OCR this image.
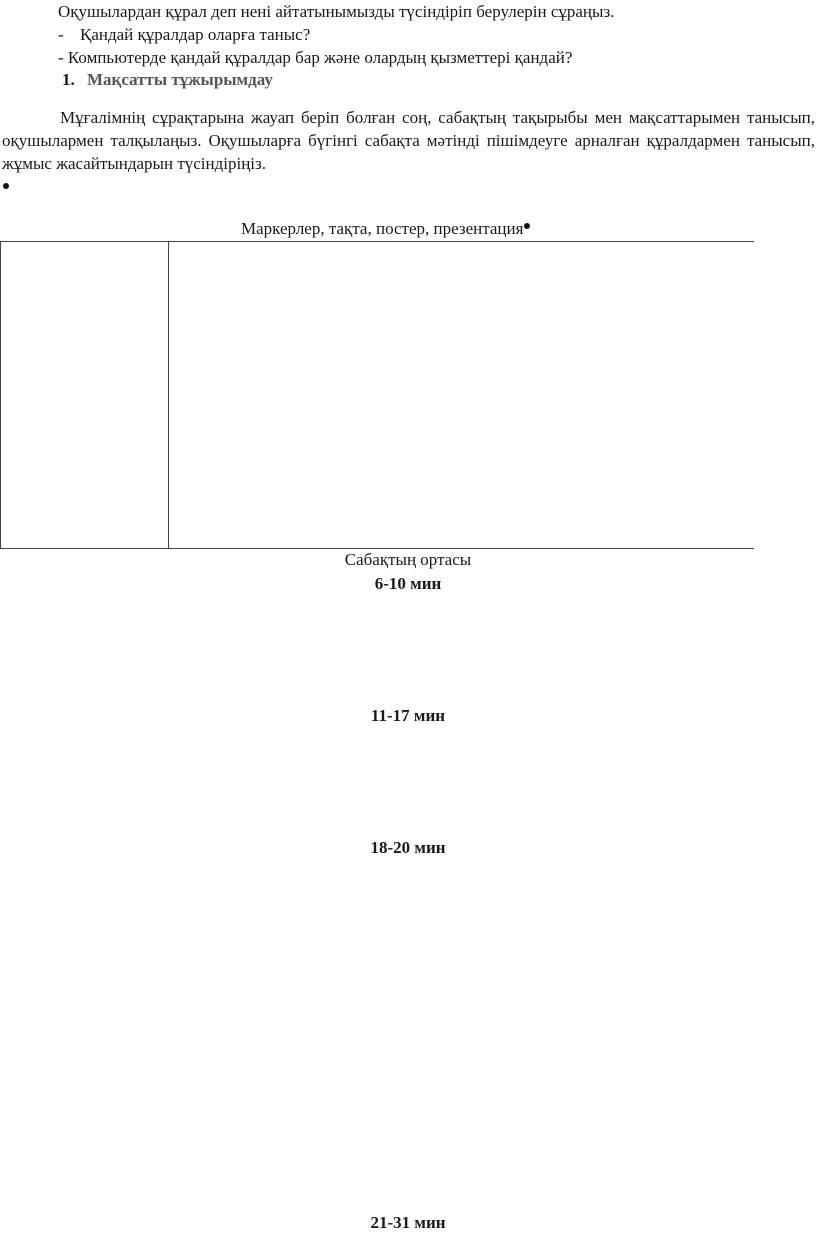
Оқушылардан құрал деп нені айтатынымызды түсіндіріп берулерін сұраңыз.
- Қандай құралдар оларға таныс?
- Компьютерде қандай құралдар бар және олардың қызметтері қандай?
1. Мақсатты тұжырымдау
Мұғалімнің сұрақтарына жауап беріп болған соң, сабақтың тақырыбы мен мақсаттарымен танысып, оқушылармен талқылаңыз. Оқушыларға бүгінгі сабақта мәтінді пішімдеуге арналған құралдармен танысып, жұмыс жасайтындарын түсіндіріңіз.
Маркерлер, тақта, постер, презентация
Сабақтың ортасы
6-10 мин
11-17 мин
18-20 мин
21-31 мин
